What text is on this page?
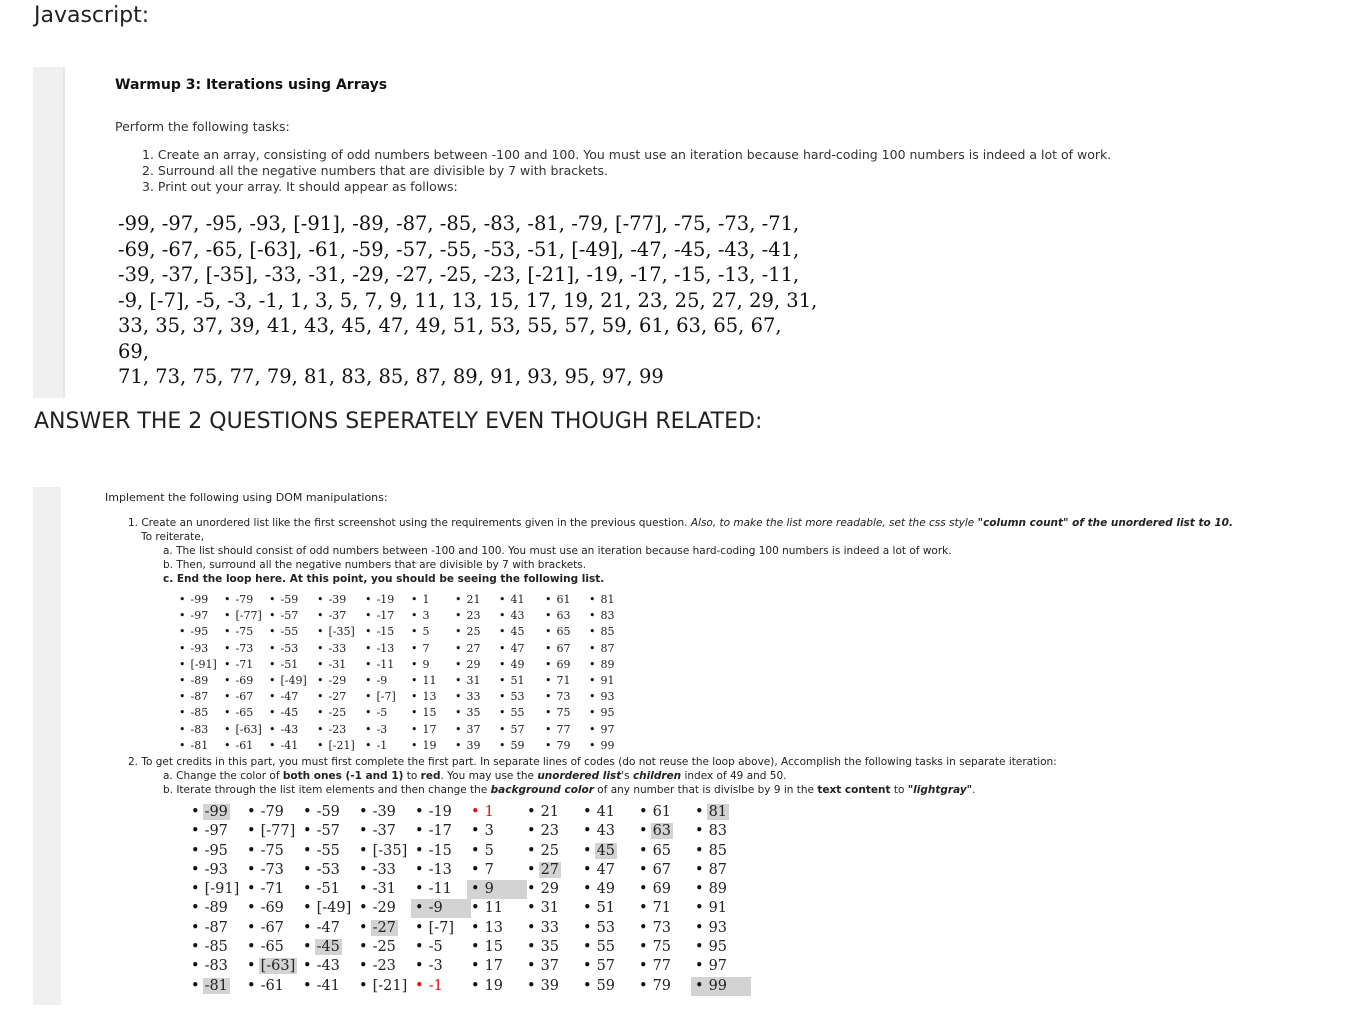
Javascript:
Warmup 3: Iterations using Arrays
Perform the following tasks:
1. Create an array, consisting of odd numbers between -100 and 100. You must use an iteration because hard-coding 100 numbers is indeed a lot of work.
2. Surround all the negative numbers that are divisible by 7 with brackets.
3. Print out your array. It should appear as follows:
-99, -97, -95, -93, [-91], -89, -87, -85, -83, -81, -79, [-77], -75, -73, -71,
-69, -67, -65, [-63], -61, -59, -57, -55, -53, -51, [-49], -47, -45, -43, -41,
-39, -37, [-35], -33, -31, -29, -27, -25, -23, [-21], -19, -17, -15, -13, -11,
-9, [-7], -5, -3, -1, 1, 3, 5, 7, 9, 11, 13, 15, 17, 19, 21, 23, 25, 27, 29, 31,
33, 35, 37, 39, 41, 43, 45, 47, 49, 51, 53, 55, 57, 59, 61, 63, 65, 67, 69,
71, 73, 75, 77, 79, 81, 83, 85, 87, 89, 91, 93, 95, 97, 99
ANSWER THE 2 QUESTIONS SEPERATELY EVEN THOUGH RELATED:
Implement the following using DOM manipulations:
1. Create an unordered list like the first screenshot using the requirements given in the previous question. Also, to make the list more readable, set the css style "column count" of the unordered list to 10.
To reiterate,
a. The list should consist of odd numbers between -100 and 100. You must use an iteration because hard-coding 100 numbers is indeed a lot of work.
b. Then, surround all the negative numbers that are divisible by 7 with brackets.
c. End the loop here. At this point, you should be seeing the following list.
• -99
• -97
• -95
• -93
• [-91]
• -89
• -87
• -85
• -83
• -81
• -79
• [-77]
• -75
• -73
• -71
• -69
• -67
• -65
• [-63]
• -61
• -59
• -57
• -55
• -53
• -51
• [-49]
• -47
• -45
• -43
• -41
• -39
• -37
• [-35]
• -33
• -31
• -29
• -27
• -25
• -23
• [-21]
• -19
• -17
• -15
• -13
• -11
• -9
• [-7]
• -5
• -3
• -1
• 1
• 3
• 5
• 7
• 9
• 11
• 13
• 15
• 17
• 19
• 21
• 23
• 25
• 27
• 29
• 31
• 33
• 35
• 37
• 39
• 41
• 43
• 45
• 47
• 49
• 51
• 53
• 55
• 57
• 59
• 61
• 63
• 65
• 67
• 69
• 71
• 73
• 75
• 77
• 79
• 81
• 83
• 85
• 87
• 89
• 91
• 93
• 95
• 97
• 99
2. To get credits in this part, you must first complete the first part. In separate lines of codes (do not reuse the loop above), Accomplish the following tasks in separate iteration:
a. Change the color of both ones (-1 and 1) to red. You may use the unordered list's children index of 49 and 50.
b. Iterate through the list item elements and then change the background color of any number that is divislbe by 9 in the text content to "lightgray".
• -99
• -97
• -95
• -93
• [-91]
• -89
• -87
• -85
• -83
• -81
• -79
• [-77]
• -75
• -73
• -71
• -69
• -67
• -65
• [-63]
• -61
• -59
• -57
• -55
• -53
• -51
• [-49]
• -47
• -45
• -43
• -41
• -39
• -37
• [-35]
• -33
• -31
• -29
• -27
• -25
• -23
• [-21]
• -19
• -17
• -15
• -13
• -11
• -9
• [-7]
• -5
• -3
• -1
• 1
• 3
• 5
• 7
• 9
• 11
• 13
• 15
• 17
• 19
• 21
• 23
• 25
• 27
• 29
• 31
• 33
• 35
• 37
• 39
• 41
• 43
• 45
• 47
• 49
• 51
• 53
• 55
• 57
• 59
• 61
• 63
• 65
• 67
• 69
• 71
• 73
• 75
• 77
• 79
• 81
• 83
• 85
• 87
• 89
• 91
• 93
• 95
• 97
• 99
